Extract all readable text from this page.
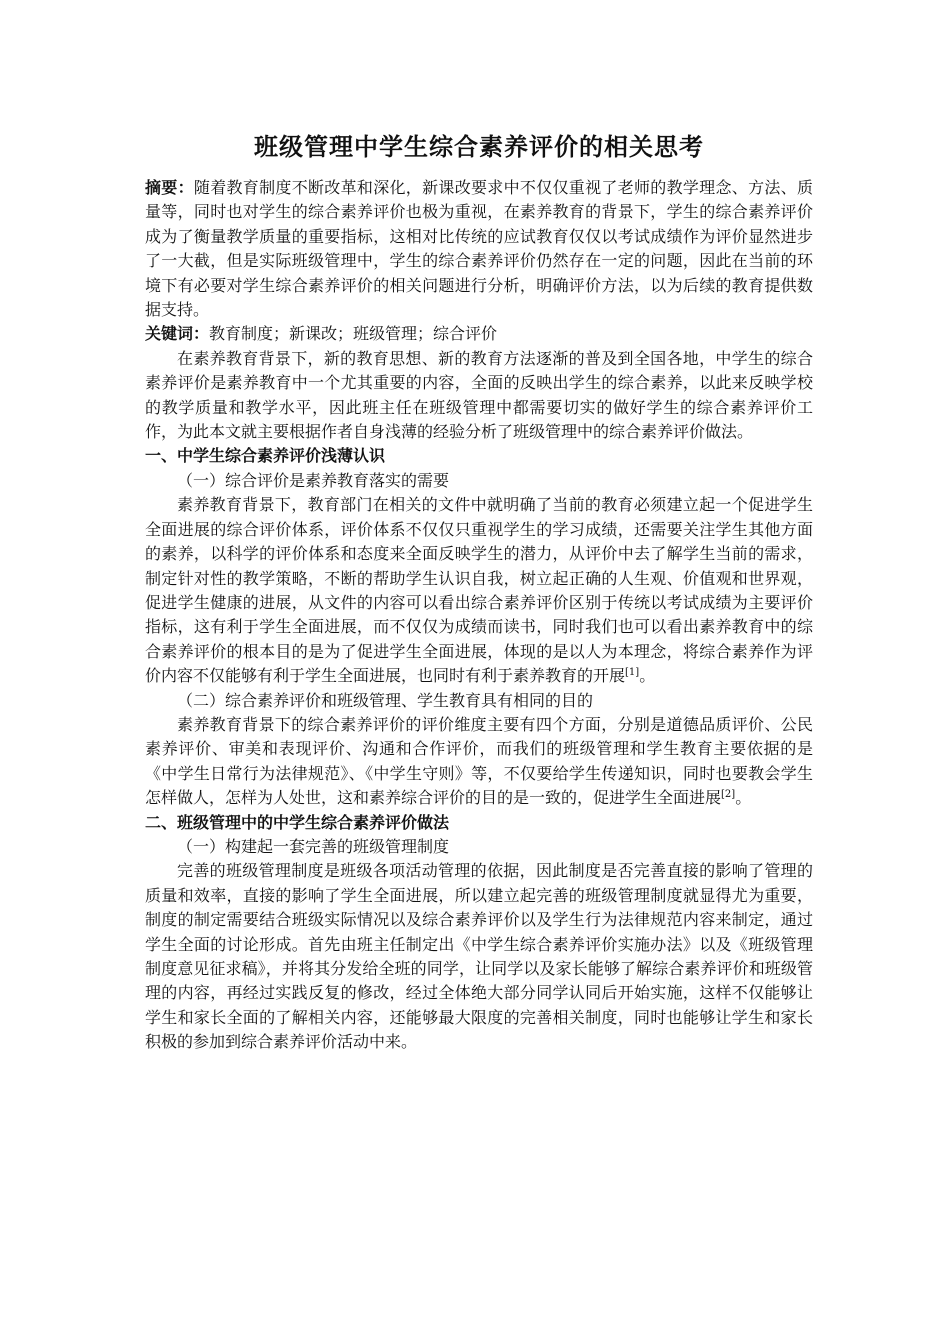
班级管理中学生综合素养评价的相关思考

摘要：随着教育制度不断改革和深化，新课改要求中不仅仅重视了老师的教学理念、方法、质量等，同时也对学生的综合素养评价也极为重视，在素养教育的背景下，学生的综合素养评价成为了衡量教学质量的重要指标，这相对比传统的应试教育仅仅以考试成绩作为评价显然进步了一大截，但是实际班级管理中，学生的综合素养评价仍然存在一定的问题，因此在当前的环境下有必要对学生综合素养评价的相关问题进行分析，明确评价方法，以为后续的教育提供数据支持。

关键词：教育制度；新课改；班级管理；综合评价

在素养教育背景下，新的教育思想、新的教育方法逐渐的普及到全国各地，中学生的综合素养评价是素养教育中一个尤其重要的内容，全面的反映出学生的综合素养，以此来反映学校的教学质量和教学水平，因此班主任在班级管理中都需要切实的做好学生的综合素养评价工作，为此本文就主要根据作者自身浅薄的经验分析了班级管理中的综合素养评价做法。

一、中学生综合素养评价浅薄认识

（一）综合评价是素养教育落实的需要

素养教育背景下，教育部门在相关的文件中就明确了当前的教育必须建立起一个促进学生全面进展的综合评价体系，评价体系不仅仅只重视学生的学习成绩，还需要关注学生其他方面的素养，以科学的评价体系和态度来全面反映学生的潜力，从评价中去了解学生当前的需求，制定针对性的教学策略，不断的帮助学生认识自我，树立起正确的人生观、价值观和世界观，促进学生健康的进展，从文件的内容可以看出综合素养评价区别于传统以考试成绩为主要评价指标，这有利于学生全面进展，而不仅仅为成绩而读书，同时我们也可以看出素养教育中的综合素养评价的根本目的是为了促进学生全面进展，体现的是以人为本理念，将综合素养作为评价内容不仅能够有利于学生全面进展，也同时有利于素养教育的开展[1]。

（二）综合素养评价和班级管理、学生教育具有相同的目的

素养教育背景下的综合素养评价的评价维度主要有四个方面，分别是道德品质评价、公民素养评价、审美和表现评价、沟通和合作评价，而我们的班级管理和学生教育主要依据的是《中学生日常行为法律规范》、《中学生守则》等，不仅要给学生传递知识，同时也要教会学生怎样做人，怎样为人处世，这和素养综合评价的目的是一致的，促进学生全面进展[2]。

二、班级管理中的中学生综合素养评价做法

（一）构建起一套完善的班级管理制度

完善的班级管理制度是班级各项活动管理的依据，因此制度是否完善直接的影响了管理的质量和效率，直接的影响了学生全面进展，所以建立起完善的班级管理制度就显得尤为重要，制度的制定需要结合班级实际情况以及综合素养评价以及学生行为法律规范内容来制定，通过学生全面的讨论形成。首先由班主任制定出《中学生综合素养评价实施办法》以及《班级管理制度意见征求稿》，并将其分发给全班的同学，让同学以及家长能够了解综合素养评价和班级管理的内容，再经过实践反复的修改，经过全体绝大部分同学认同后开始实施，这样不仅能够让学生和家长全面的了解相关内容，还能够最大限度的完善相关制度，同时也能够让学生和家长积极的参加到综合素养评价活动中来。
